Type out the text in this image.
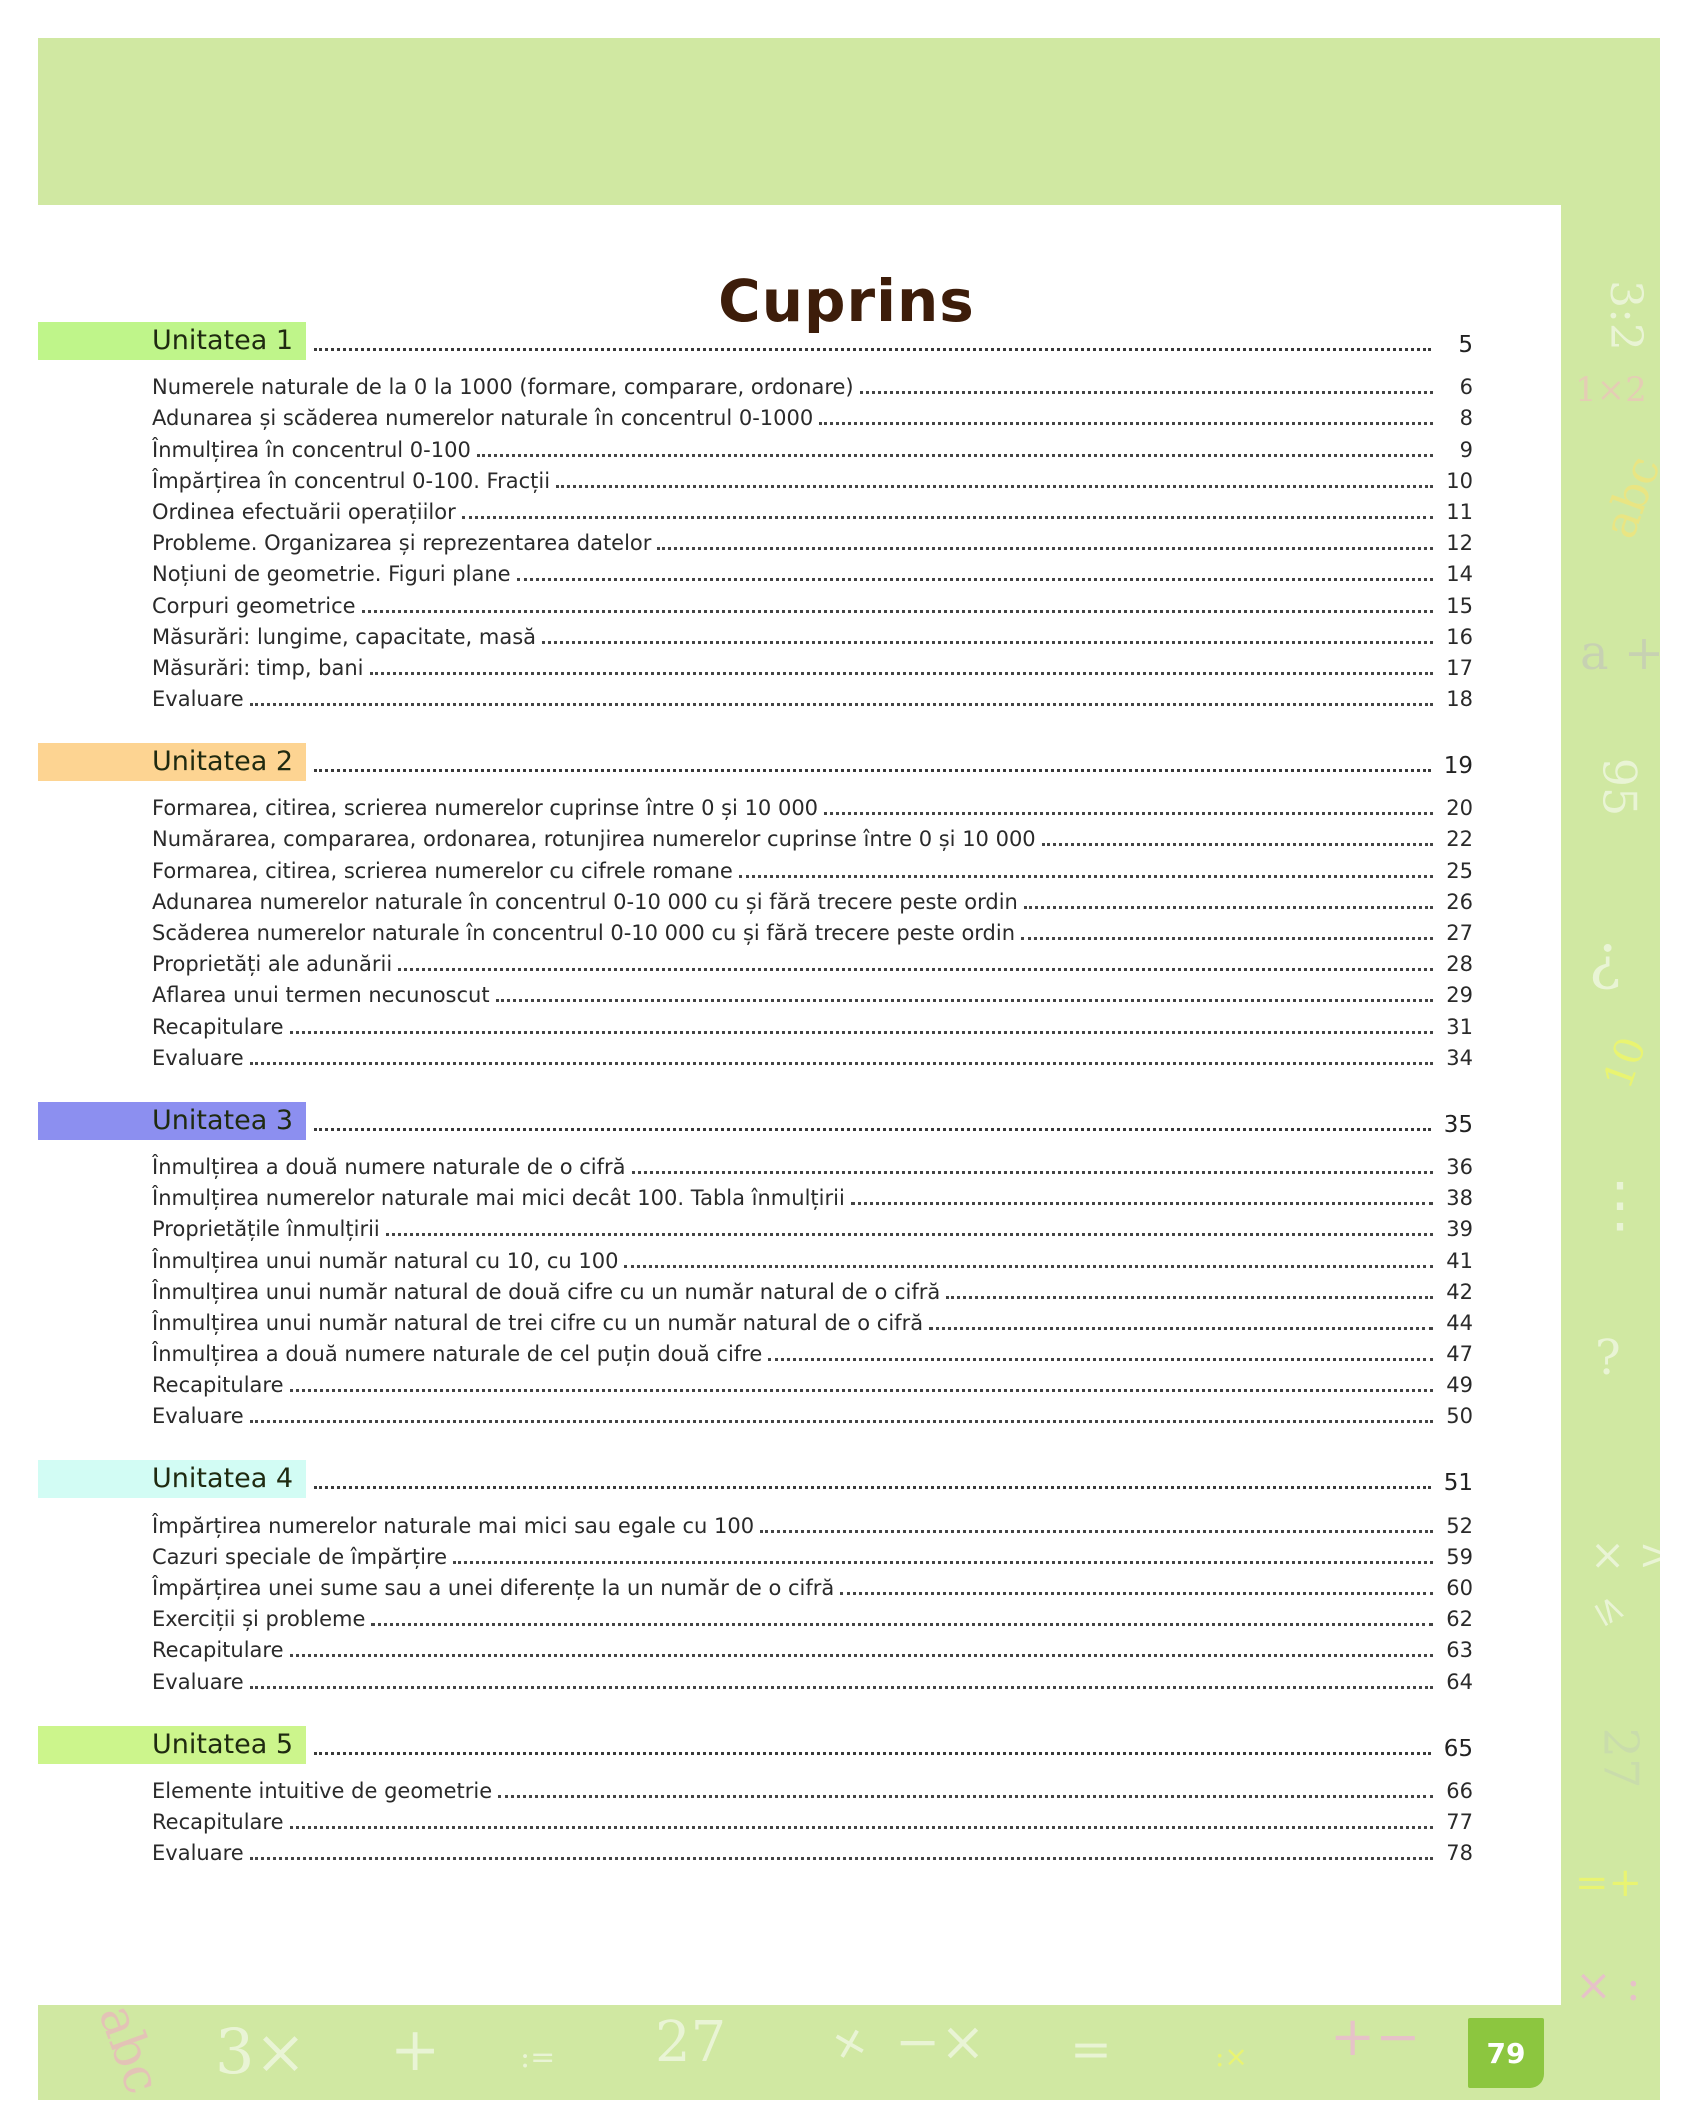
3:2
1×2
abc
a +
95
?
10
⋮ ⁞
?
× >
≤
27
=+
× :
abc 3× +	:= 27 + −× =	:× +−
Cuprins
Unitatea 1	5
Numerele naturale de la 0 la 1000 (formare, comparare, ordonare)	6
Adunarea și scăderea numerelor naturale în concentrul 0-1000	8
Înmulțirea în concentrul 0-100	9
Împărțirea în concentrul 0-100. Fracții	10
Ordinea efectuării operațiilor	11
Probleme. Organizarea și reprezentarea datelor	12
Noțiuni de geometrie. Figuri plane	14
Corpuri geometrice	15
Măsurări: lungime, capacitate, masă	16
Măsurări: timp, bani	17
Evaluare	18
Unitatea 2	19
Formarea, citirea, scrierea numerelor cuprinse între 0 și 10 000	20
Numărarea, compararea, ordonarea, rotunjirea numerelor cuprinse între 0 și 10 000	22
Formarea, citirea, scrierea numerelor cu cifrele romane	25
Adunarea numerelor naturale în concentrul 0-10 000 cu și fără trecere peste ordin	26
Scăderea numerelor naturale în concentrul 0-10 000 cu și fără trecere peste ordin	27
Proprietăți ale adunării	28
Aflarea unui termen necunoscut	29
Recapitulare	31
Evaluare	34
Unitatea 3	35
Înmulțirea a două numere naturale de o cifră	36
Înmulțirea numerelor naturale mai mici decât 100. Tabla înmulțirii	38
Proprietățile înmulțirii	39
Înmulțirea unui număr natural cu 10, cu 100	41
Înmulțirea unui număr natural de două cifre cu un număr natural de o cifră	42
Înmulțirea unui număr natural de trei cifre cu un număr natural de o cifră	44
Înmulțirea a două numere naturale de cel puțin două cifre	47
Recapitulare	49
Evaluare	50
Unitatea 4	51
Împărțirea numerelor naturale mai mici sau egale cu 100	52
Cazuri speciale de împărțire	59
Împărțirea unei sume sau a unei diferențe la un număr de o cifră	60
Exerciții și probleme	62
Recapitulare	63
Evaluare	64
Unitatea 5	65
Elemente intuitive de geometrie	66
Recapitulare	77
Evaluare	78
79
